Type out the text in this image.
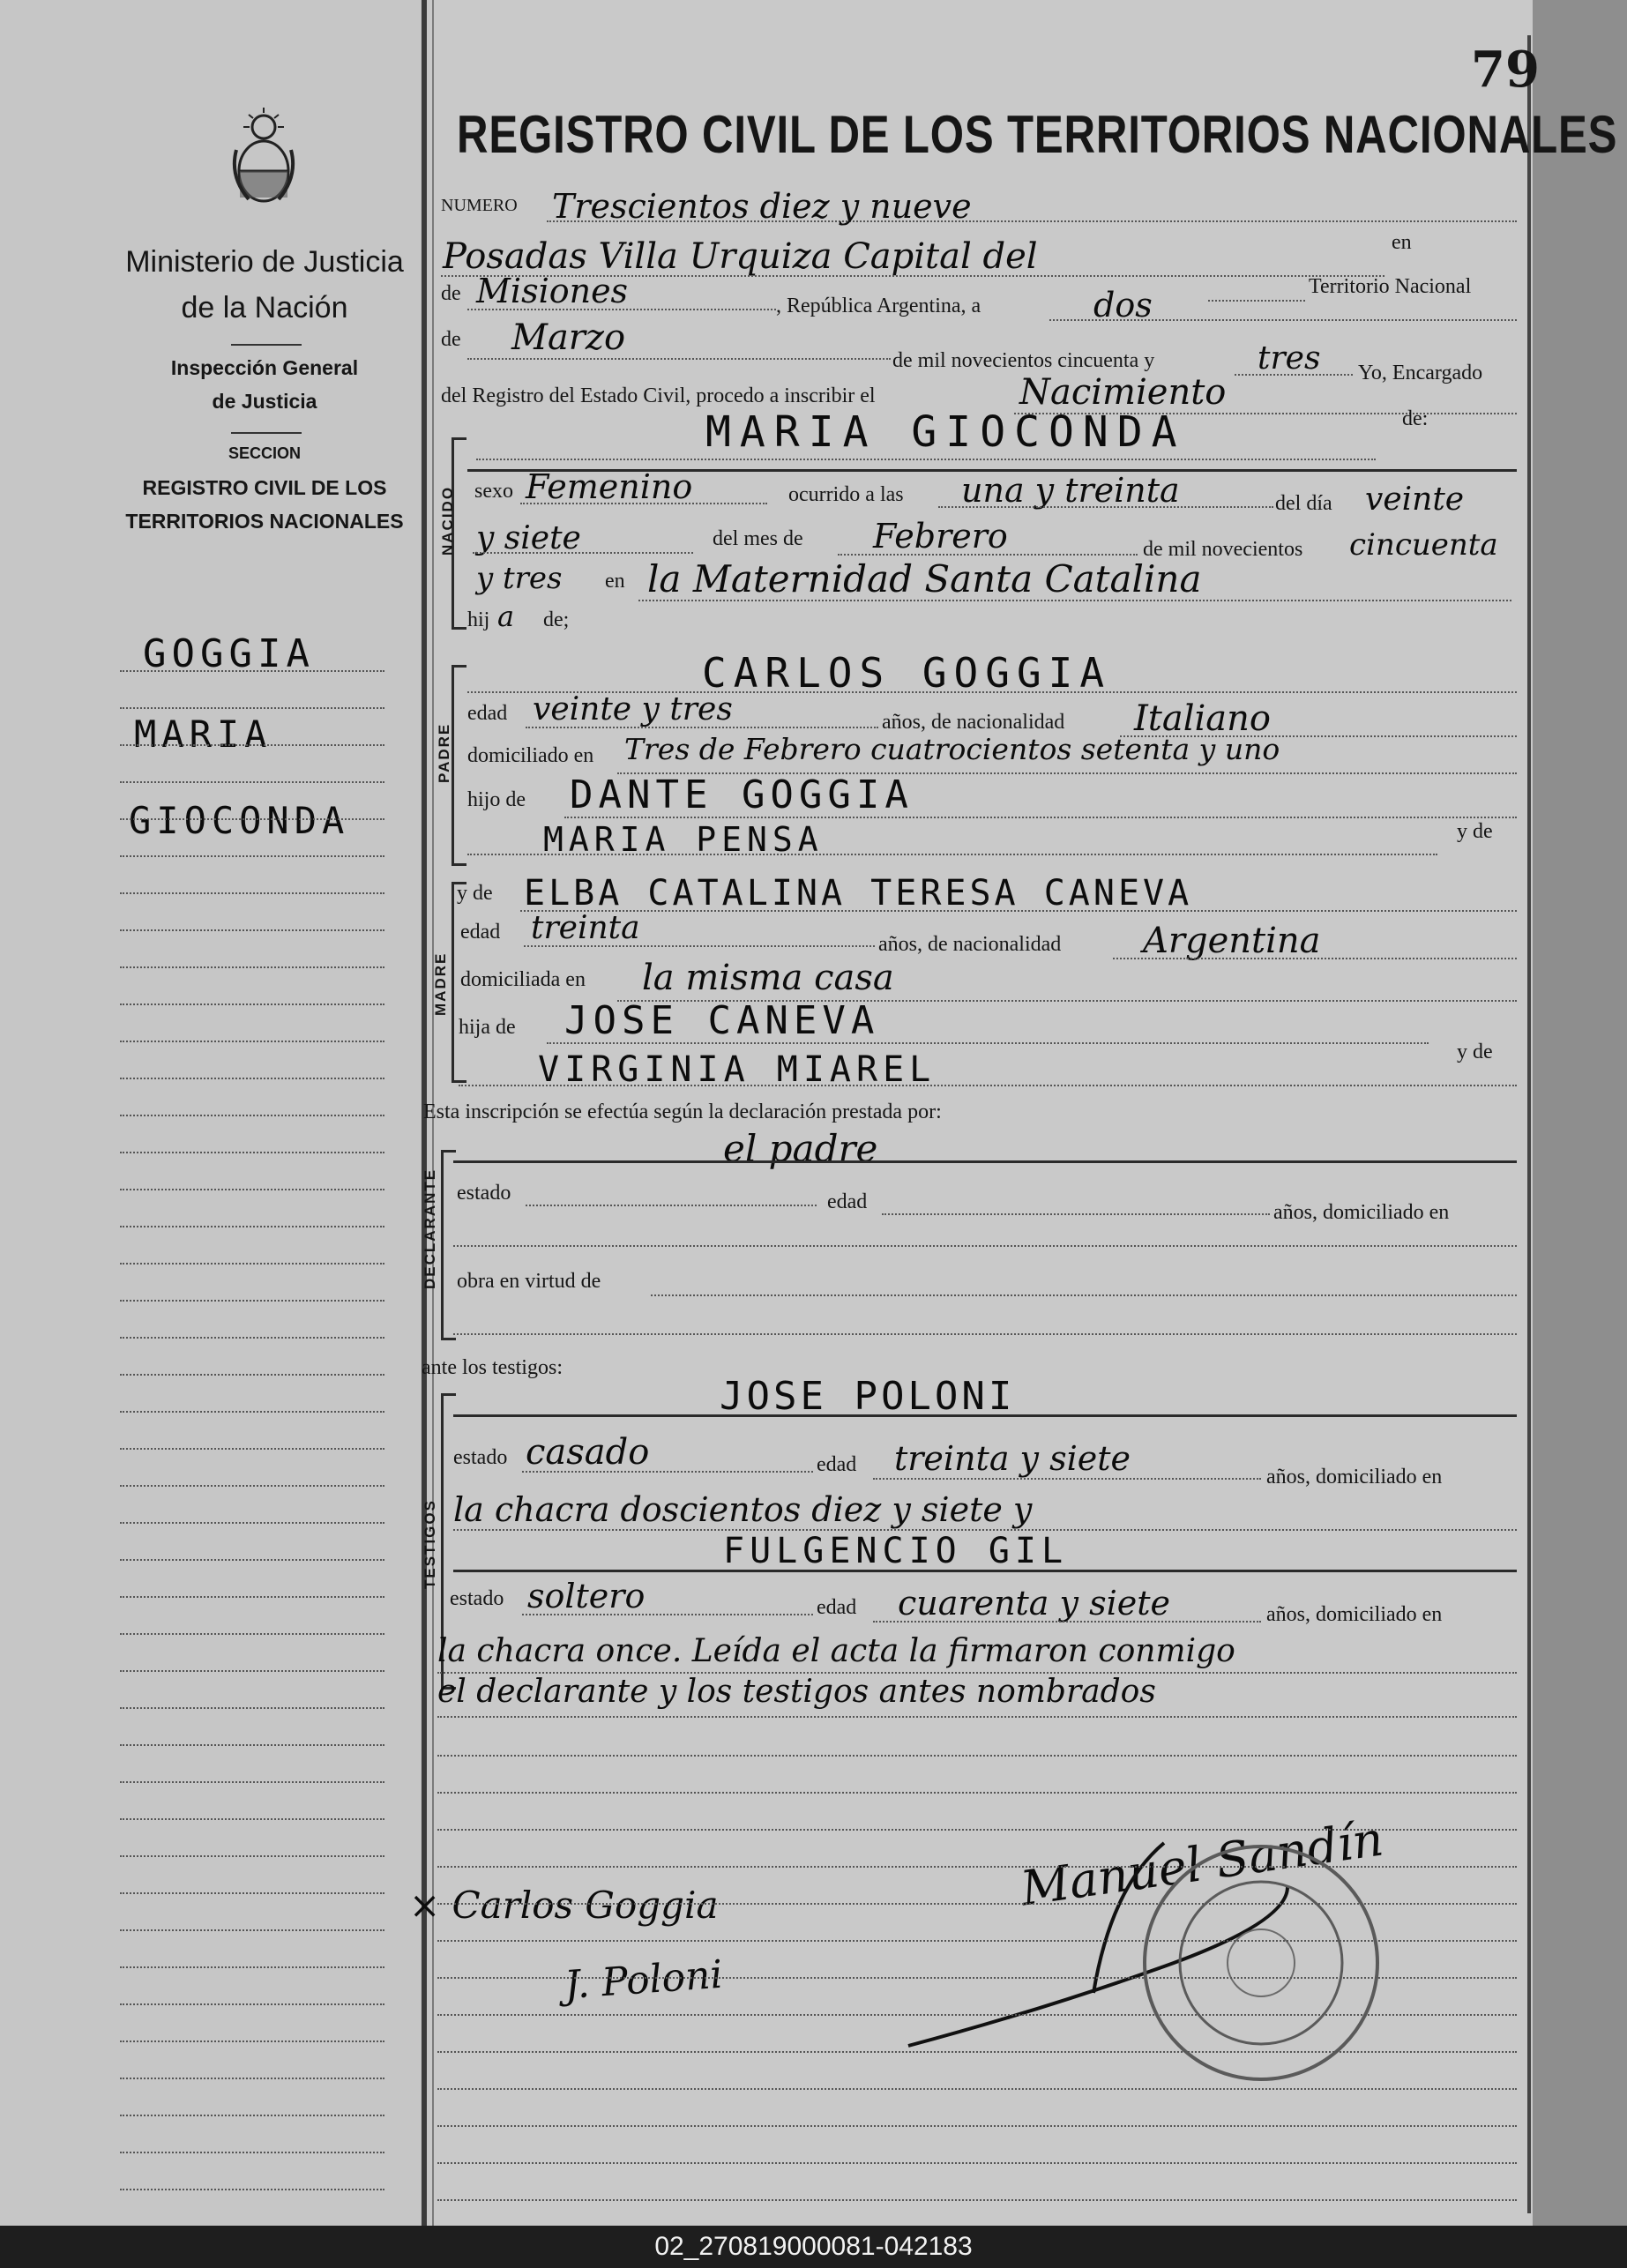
79
Ministerio de Justicia
de la Nación
Inspección General
de Justicia
SECCION
REGISTRO CIVIL DE LOS
TERRITORIOS NACIONALES
GOGGIA
MARIA
GIOCONDA
REGISTRO CIVIL DE LOS TERRITORIOS NACIONALES
NUMERO Trescientos diez y nueve
Posadas Villa Urquiza Capital del	en
Territorio Nacional
de Misiones	, República Argentina, a	dos
de Marzo
de mil novecientos cincuenta y	tres Yo, Encargado
del Registro del Estado Civil, procedo a inscribir el	Nacimiento
NACIDO
MARIA GIOCONDA	de:
sexo Femenino	ocurrido a las una y treinta	del día veinte
y siete	del mes de Febrero	de mil novecientos cincuenta
y tres en la Maternidad Santa Catalina
hij a de;
PADRE
CARLOS GOGGIA
edad veinte y tres	años, de nacionalidad Italiano
domiciliado en Tres de Febrero cuatrocientos setenta y uno
hijo de DANTE GOGGIA
MARIA PENSA	y de
MADRE
y de ELBA CATALINA TERESA CANEVA
edad treinta	años, de nacionalidad Argentina
domiciliada en la misma casa
hija de JOSE CANEVA
y de
VIRGINIA MIAREL
Esta inscripción se efectúa según la declaración prestada por:
DECLARANTE
el padre
estado	edad	años, domiciliado en
obra en virtud de
ante los testigos:
TESTIGOS
JOSE POLONI
estado casado	edad treinta y siete	años, domiciliado en
la chacra doscientos diez y siete y
FULGENCIO GIL
estado soltero	edad cuarenta y siete	años, domiciliado en
la chacra once. Leída el acta la firmaron conmigo
el declarante y los testigos antes nombrados
× Carlos Goggia
J. Poloni
Manuel Sandín
02_270819000081-042183
